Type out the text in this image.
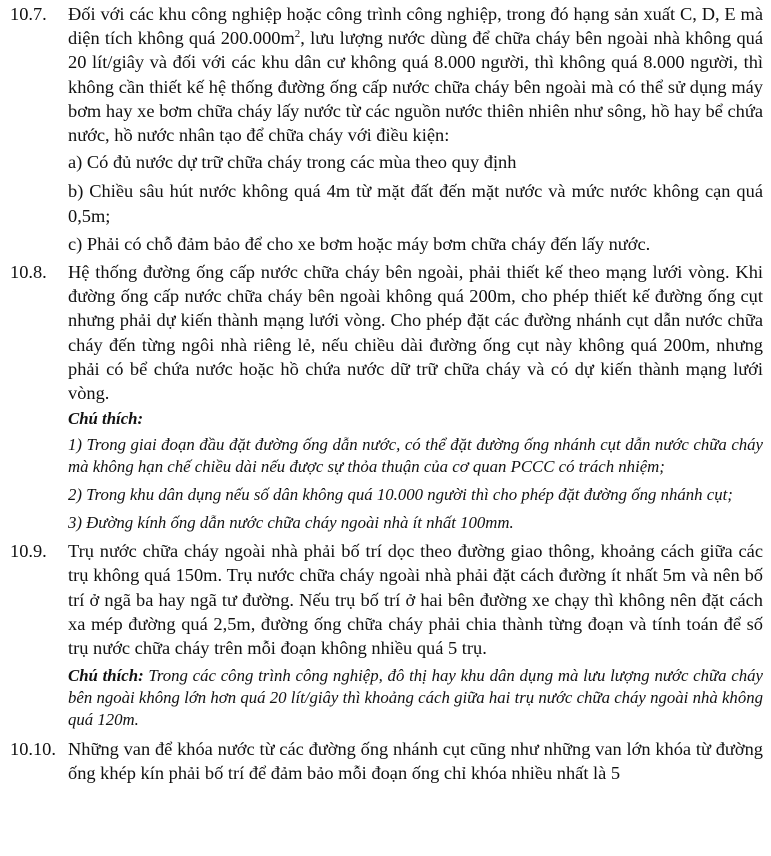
10.7. Đối với các khu công nghiệp hoặc công trình công nghiệp, trong đó hạng sản xuất C, D, E mà diện tích không quá $200.000m^2$, lưu lượng nước dùng để chữa cháy bên ngoài nhà không quá 20 lít/giây và đối với các khu dân cư không quá 8.000 người, thì không quá 8.000 người, thì không cần thiết kế hệ thống đường ống cấp nước chữa cháy bên ngoài mà có thể sử dụng máy bơm hay xe bơm chữa cháy lấy nước từ các nguồn nước thiên nhiên như sông, hồ hay bể chứa nước, hồ nước nhân tạo để chữa cháy với điều kiện:

a) Có đủ nước dự trữ chữa cháy trong các mùa theo quy định

b) Chiều sâu hút nước không quá 4m từ mặt đất đến mặt nước và mức nước không cạn quá 0,5m;

c) Phải có chỗ đảm bảo để cho xe bơm hoặc máy bơm chữa cháy đến lấy nước.

10.8. Hệ thống đường ống cấp nước chữa cháy bên ngoài, phải thiết kế theo mạng lưới vòng. Khi đường ống cấp nước chữa cháy bên ngoài không quá 200m, cho phép thiết kế đường ống cụt nhưng phải dự kiến thành mạng lưới vòng. Cho phép đặt các đường nhánh cụt dẫn nước chữa cháy đến từng ngôi nhà riêng lẻ, nếu chiều dài đường ống cụt này không quá 200m, nhưng phải có bể chứa nước hoặc hồ chứa nước dữ trữ chữa cháy và có dự kiến thành mạng lưới vòng.

Chú thích:

1) Trong giai đoạn đầu đặt đường ống dẫn nước, có thể đặt đường ống nhánh cụt dẫn nước chữa cháy mà không hạn chế chiều dài nếu được sự thỏa thuận của cơ quan PCCC có trách nhiệm;

2) Trong khu dân dụng nếu số dân không quá 10.000 người thì cho phép đặt đường ống nhánh cụt;

3) Đường kính ống dẫn nước chữa cháy ngoài nhà ít nhất 100mm.

10.9. Trụ nước chữa cháy ngoài nhà phải bố trí dọc theo đường giao thông, khoảng cách giữa các trụ không quá 150m. Trụ nước chữa cháy ngoài nhà phải đặt cách đường ít nhất 5m và nên bố trí ở ngã ba hay ngã tư đường. Nếu trụ bố trí ở hai bên đường xe chạy thì không nên đặt cách xa mép đường quá 2,5m, đường ống chữa cháy phải chia thành từng đoạn và tính toán để số trụ nước chữa cháy trên mỗi đoạn không nhiều quá 5 trụ.

Chú thích: Trong các công trình công nghiệp, đô thị hay khu dân dụng mà lưu lượng nước chữa cháy bên ngoài không lớn hơn quá 20 lít/giây thì khoảng cách giữa hai trụ nước chữa cháy ngoài nhà không quá 120m.

10.10. Những van để khóa nước từ các đường ống nhánh cụt cũng như những van lớn khóa từ đường ống khép kín phải bố trí để đảm bảo mỗi đoạn ống chỉ khóa nhiều nhất là 5
